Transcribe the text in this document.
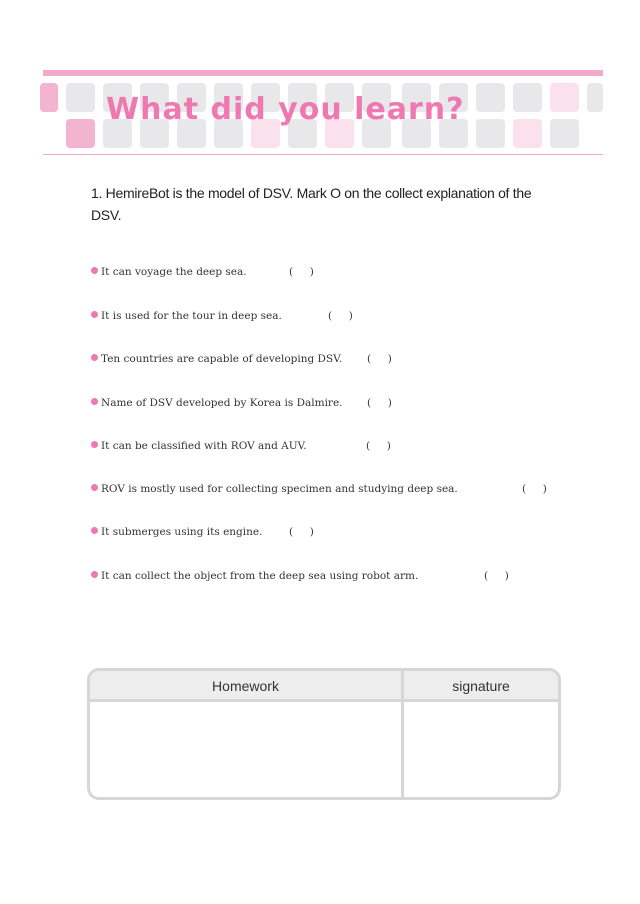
What did you learn?

1. HemireBot is the model of DSV. Mark O on the collect explanation of the DSV.

It can voyage the deep sea.	(     )
It is used for the tour in deep sea.	(     )
Ten countries are capable of developing DSV. (     )
Name of DSV developed by Korea is Dalmire. (     )
It can be classified with ROV and AUV.	(     )
ROV is mostly used for collecting specimen and studying deep sea.	(     )
It submerges using its engine.	(     )
It can collect the object from the deep sea using robot arm.	(     )
Homework	signature
